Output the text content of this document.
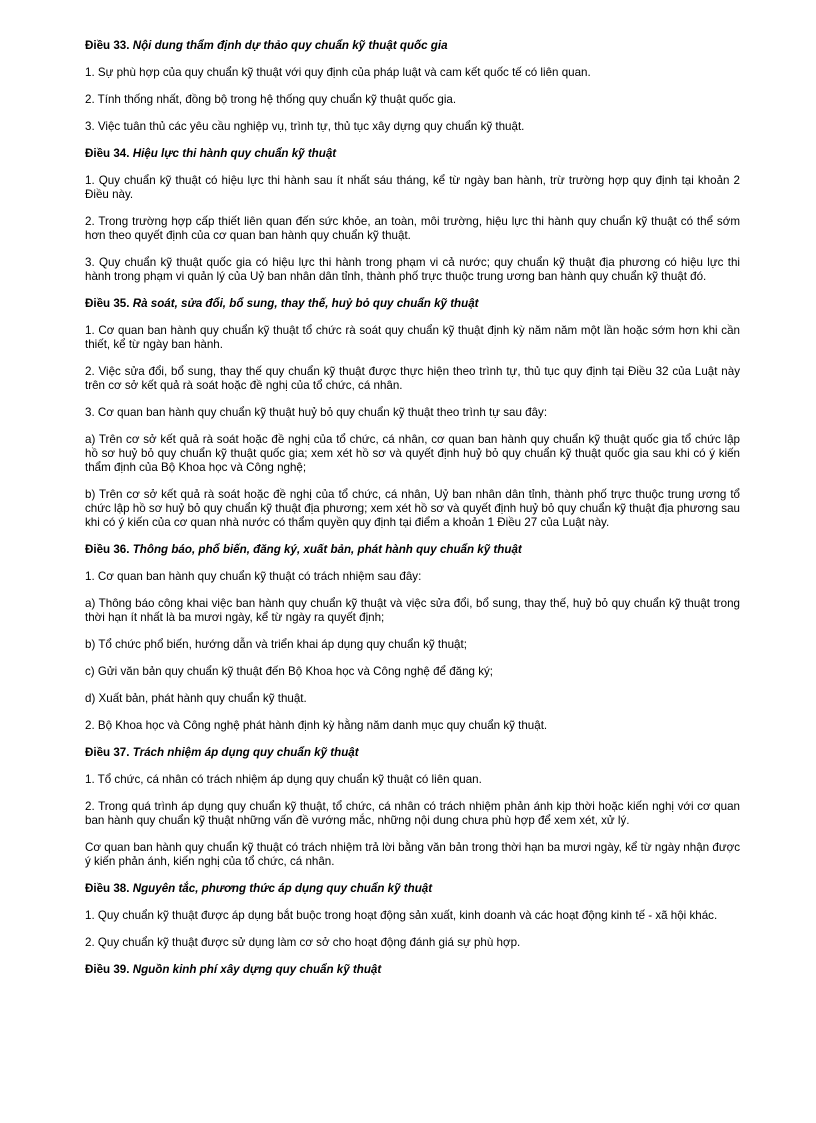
Điều 33. Nội dung thẩm định dự thảo quy chuẩn kỹ thuật quốc gia

1. Sự phù hợp của quy chuẩn kỹ thuật với quy định của pháp luật và cam kết quốc tế có liên quan.

2. Tính thống nhất, đồng bộ trong hệ thống quy chuẩn kỹ thuật quốc gia.

3. Việc tuân thủ các yêu cầu nghiệp vụ, trình tự, thủ tục xây dựng quy chuẩn kỹ thuật.

Điều 34. Hiệu lực thi hành quy chuẩn kỹ thuật

1. Quy chuẩn kỹ thuật có hiệu lực thi hành sau ít nhất sáu tháng, kể từ ngày ban hành, trừ trường hợp quy định tại khoản 2 Điều này.

2. Trong trường hợp cấp thiết liên quan đến sức khỏe, an toàn, môi trường, hiệu lực thi hành quy chuẩn kỹ thuật có thể sớm hơn theo quyết định của cơ quan ban hành quy chuẩn kỹ thuật.

3. Quy chuẩn kỹ thuật quốc gia có hiệu lực thi hành trong phạm vi cả nước; quy chuẩn kỹ thuật địa phương có hiệu lực thi hành trong phạm vi quản lý của Uỷ ban nhân dân tỉnh, thành phố trực thuộc trung ương ban hành quy chuẩn kỹ thuật đó.

Điều 35. Rà soát, sửa đổi, bổ sung, thay thế, huỷ bỏ quy chuẩn kỹ thuật

1. Cơ quan ban hành quy chuẩn kỹ thuật tổ chức rà soát quy chuẩn kỹ thuật định kỳ năm năm một lần hoặc sớm hơn khi cần thiết, kể từ ngày ban hành.

2. Việc sửa đổi, bổ sung, thay thế quy chuẩn kỹ thuật được thực hiện theo trình tự, thủ tục quy định tại Điều 32 của Luật này trên cơ sở kết quả rà soát hoặc đề nghị của tổ chức, cá nhân.

3. Cơ quan ban hành quy chuẩn kỹ thuật huỷ bỏ quy chuẩn kỹ thuật theo trình tự sau đây:

a) Trên cơ sở kết quả rà soát hoặc đề nghị của tổ chức, cá nhân, cơ quan ban hành quy chuẩn kỹ thuật quốc gia tổ chức lập hồ sơ huỷ bỏ quy chuẩn kỹ thuật quốc gia; xem xét hồ sơ và quyết định huỷ bỏ quy chuẩn kỹ thuật quốc gia sau khi có ý kiến thẩm định của Bộ Khoa học và Công nghệ;

b) Trên cơ sở kết quả rà soát hoặc đề nghị của tổ chức, cá nhân, Uỷ ban nhân dân tỉnh, thành phố trực thuộc trung ương tổ chức lập hồ sơ huỷ bỏ quy chuẩn kỹ thuật địa phương; xem xét hồ sơ và quyết định huỷ bỏ quy chuẩn kỹ thuật địa phương sau khi có ý kiến của cơ quan nhà nước có thẩm quyền quy định tại điểm a khoản 1 Điều 27 của Luật này.

Điều 36. Thông báo, phổ biến, đăng ký, xuất bản, phát hành quy chuẩn kỹ thuật

1. Cơ quan ban hành quy chuẩn kỹ thuật có trách nhiệm sau đây:

a) Thông báo công khai việc ban hành quy chuẩn kỹ thuật và việc sửa đổi, bổ sung, thay thế, huỷ bỏ quy chuẩn kỹ thuật trong thời hạn ít nhất là ba mươi ngày, kể từ ngày ra quyết định;

b) Tổ chức phổ biến, hướng dẫn và triển khai áp dụng quy chuẩn kỹ thuật;

c) Gửi văn bản quy chuẩn kỹ thuật đến Bộ Khoa học và Công nghệ để đăng ký;

d) Xuất bản, phát hành quy chuẩn kỹ thuật.

2. Bộ Khoa học và Công nghệ phát hành định kỳ hằng năm danh mục quy chuẩn kỹ thuật.

Điều 37. Trách nhiệm áp dụng quy chuẩn kỹ thuật

1. Tổ chức, cá nhân có trách nhiệm áp dụng quy chuẩn kỹ thuật có liên quan.

2. Trong quá trình áp dụng quy chuẩn kỹ thuật, tổ chức, cá nhân có trách nhiệm phản ánh kịp thời hoặc kiến nghị với cơ quan ban hành quy chuẩn kỹ thuật những vấn đề vướng mắc, những nội dung chưa phù hợp để xem xét, xử lý.

Cơ quan ban hành quy chuẩn kỹ thuật có trách nhiệm trả lời bằng văn bản trong thời hạn ba mươi ngày, kể từ ngày nhận được ý kiến phản ánh, kiến nghị của tổ chức, cá nhân.

Điều 38. Nguyên tắc, phương thức áp dụng quy chuẩn kỹ thuật

1. Quy chuẩn kỹ thuật được áp dụng bắt buộc trong hoạt động sản xuất, kinh doanh và các hoạt động kinh tế - xã hội khác.

2. Quy chuẩn kỹ thuật được sử dụng làm cơ sở cho hoạt động đánh giá sự phù hợp.

Điều 39. Nguồn kinh phí xây dựng quy chuẩn kỹ thuật
